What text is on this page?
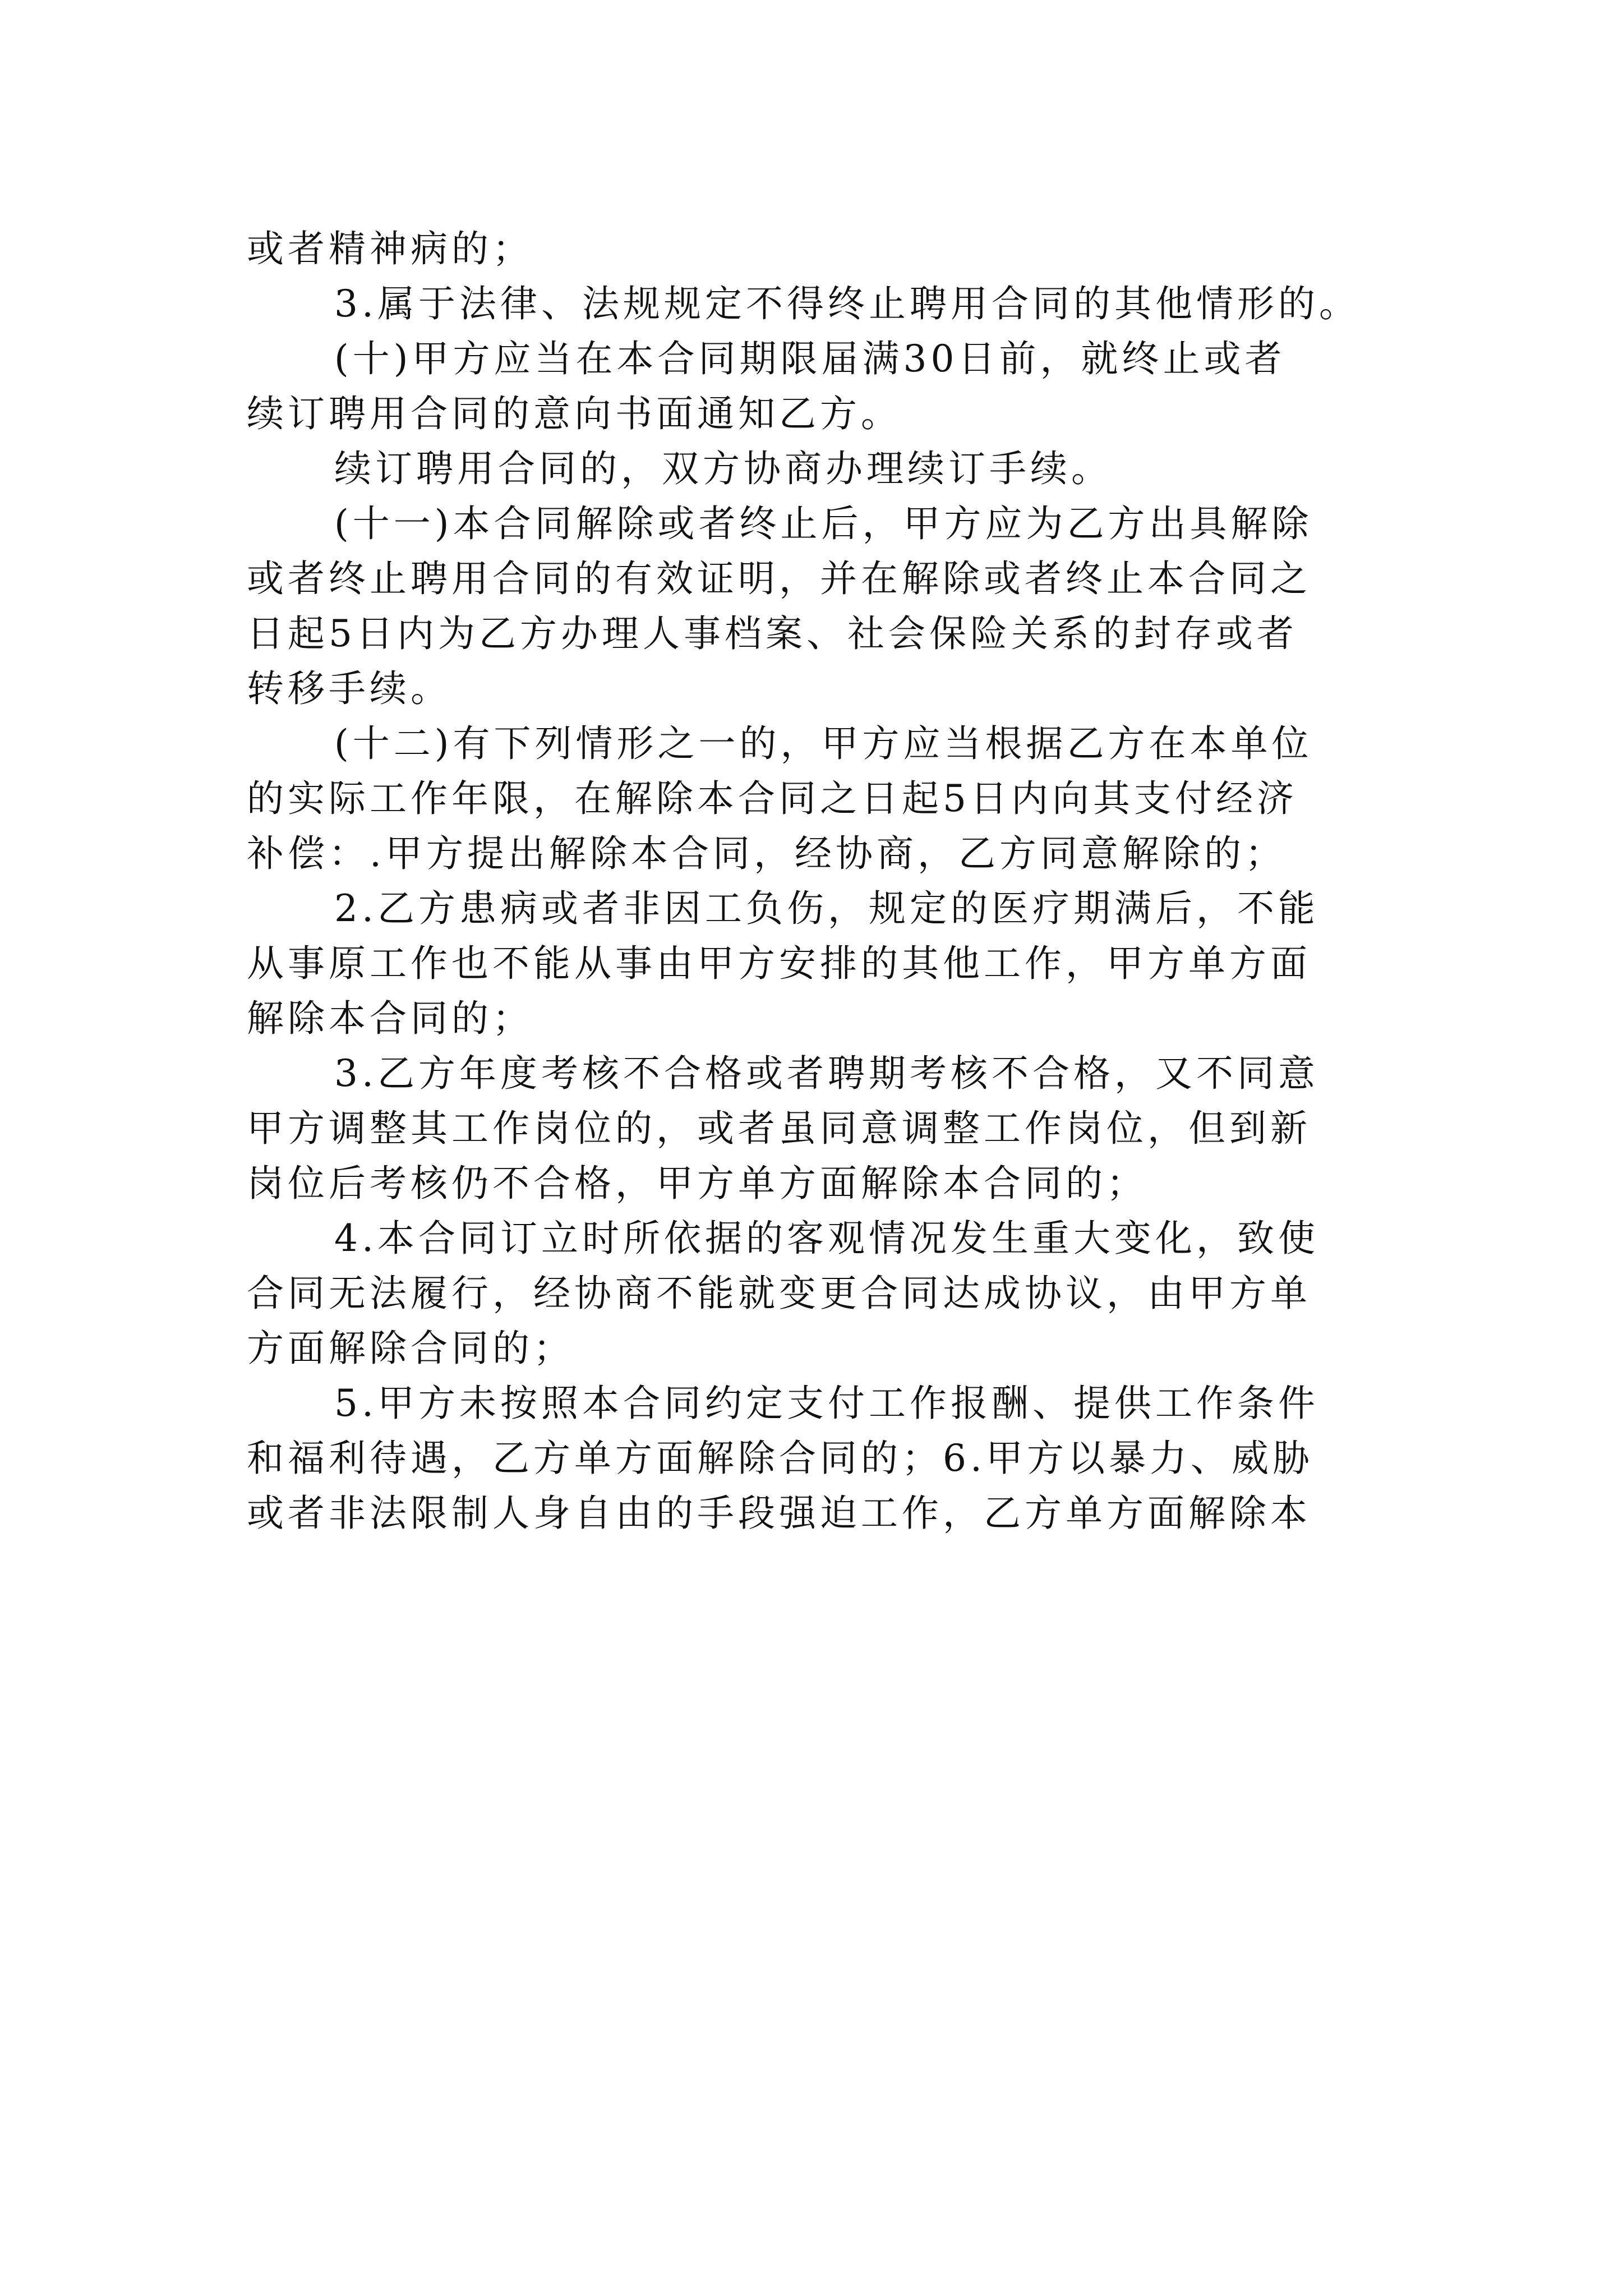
或者精神病的；
3.属于法律、法规规定不得终止聘用合同的其他情形的。
(十)甲方应当在本合同期限届满30日前，就终止或者
续订聘用合同的意向书面通知乙方。
续订聘用合同的，双方协商办理续订手续。
(十一)本合同解除或者终止后，甲方应为乙方出具解除
或者终止聘用合同的有效证明，并在解除或者终止本合同之
日起5日内为乙方办理人事档案、社会保险关系的封存或者
转移手续。
(十二)有下列情形之一的，甲方应当根据乙方在本单位
的实际工作年限，在解除本合同之日起5日内向其支付经济
补偿：.甲方提出解除本合同，经协商，乙方同意解除的；
2.乙方患病或者非因工负伤，规定的医疗期满后，不能
从事原工作也不能从事由甲方安排的其他工作，甲方单方面
解除本合同的；
3.乙方年度考核不合格或者聘期考核不合格，又不同意
甲方调整其工作岗位的，或者虽同意调整工作岗位，但到新
岗位后考核仍不合格，甲方单方面解除本合同的；
4.本合同订立时所依据的客观情况发生重大变化，致使
合同无法履行，经协商不能就变更合同达成协议，由甲方单
方面解除合同的；
5.甲方未按照本合同约定支付工作报酬、提供工作条件
和福利待遇，乙方单方面解除合同的；6.甲方以暴力、威胁
或者非法限制人身自由的手段强迫工作，乙方单方面解除本
